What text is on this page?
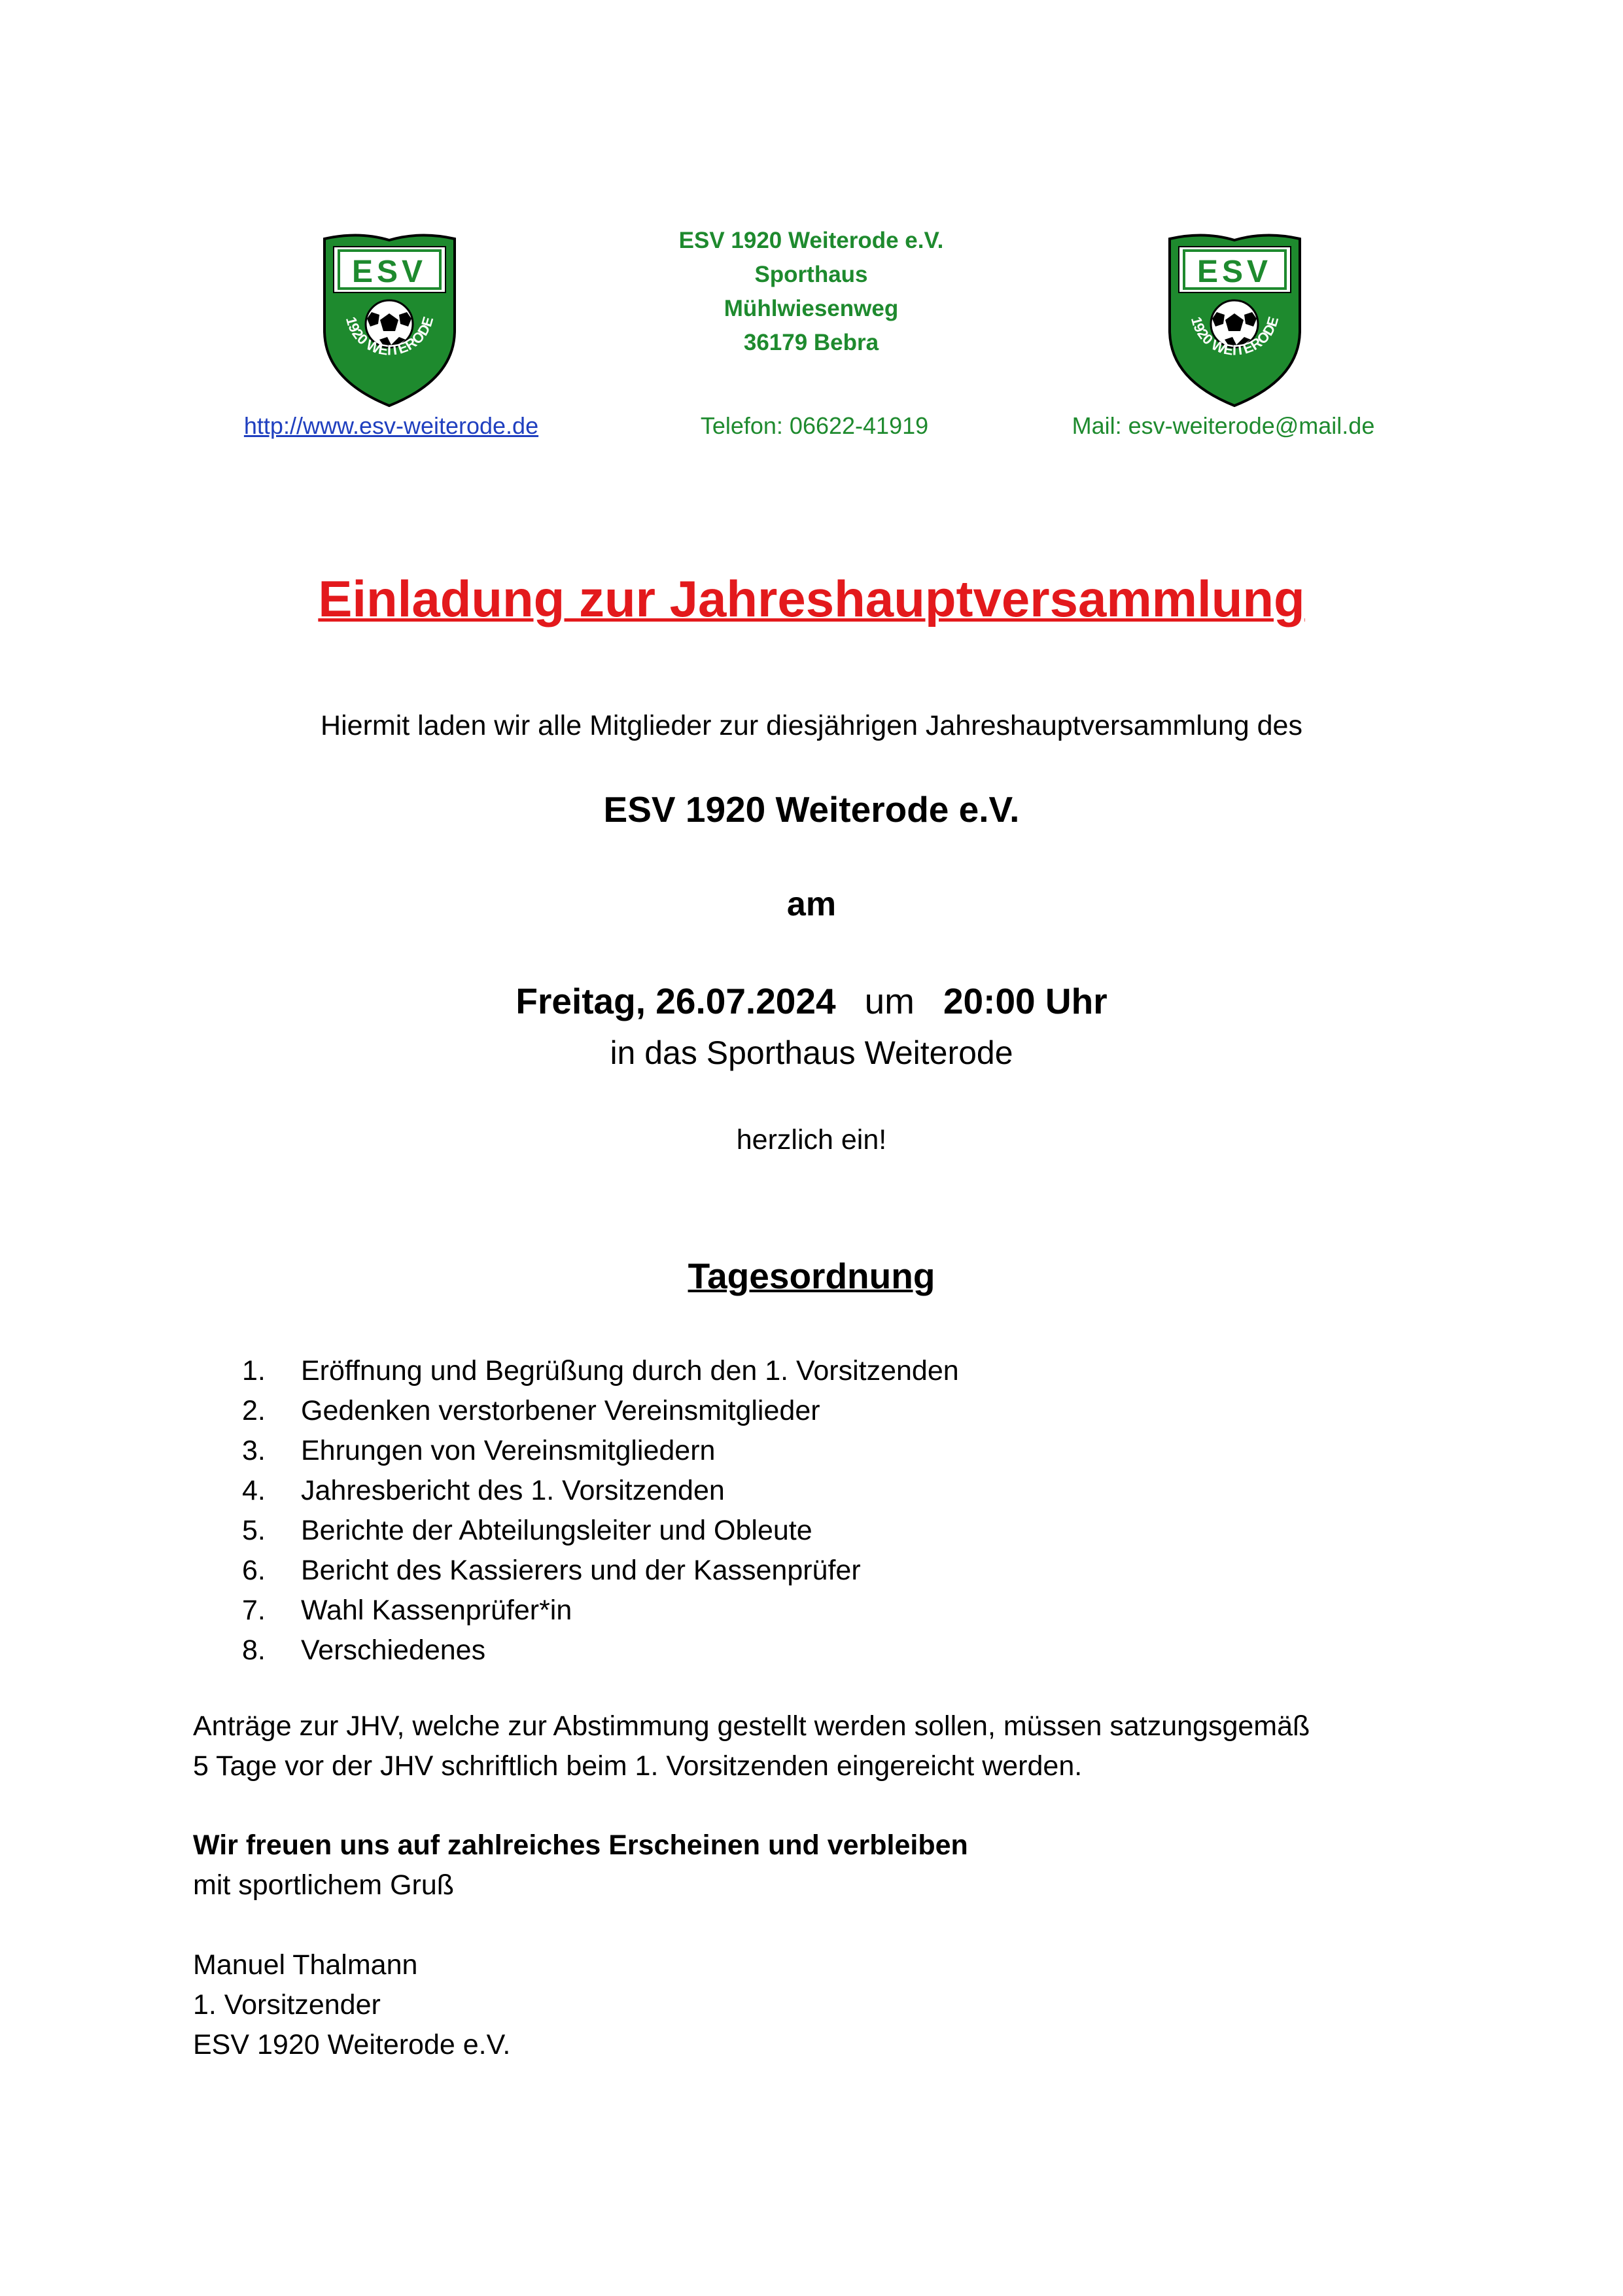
ESV
1920 WEITERODE
ESV 1920 Weiterode e.V.
Sporthaus
Mühlwiesenweg
36179 Bebra
ESV
1920 WEITERODE
http://www.esv-weiterode.de	Telefon: 06622-41919	Mail: esv-weiterode@mail.de
Einladung zur Jahreshauptversammlung
Hiermit laden wir alle Mitglieder zur diesjährigen Jahreshauptversammlung des
ESV 1920 Weiterode e.V.
am
Freitag, 26.07.2024 um 20:00 Uhr
in das Sporthaus Weiterode
herzlich ein!
Tagesordnung
1.	Eröffnung und Begrüßung durch den 1. Vorsitzenden
2.	Gedenken verstorbener Vereinsmitglieder
3.	Ehrungen von Vereinsmitgliedern
4.	Jahresbericht des 1. Vorsitzenden
5.	Berichte der Abteilungsleiter und Obleute
6.	Bericht des Kassierers und der Kassenprüfer
7.	Wahl Kassenprüfer*in
8.	Verschiedenes
Anträge zur JHV, welche zur Abstimmung gestellt werden sollen, müssen satzungsgemäß
5 Tage vor der JHV schriftlich beim 1. Vorsitzenden eingereicht werden.
Wir freuen uns auf zahlreiches Erscheinen und verbleiben
mit sportlichem Gruß
Manuel Thalmann
1. Vorsitzender
ESV 1920 Weiterode e.V.
